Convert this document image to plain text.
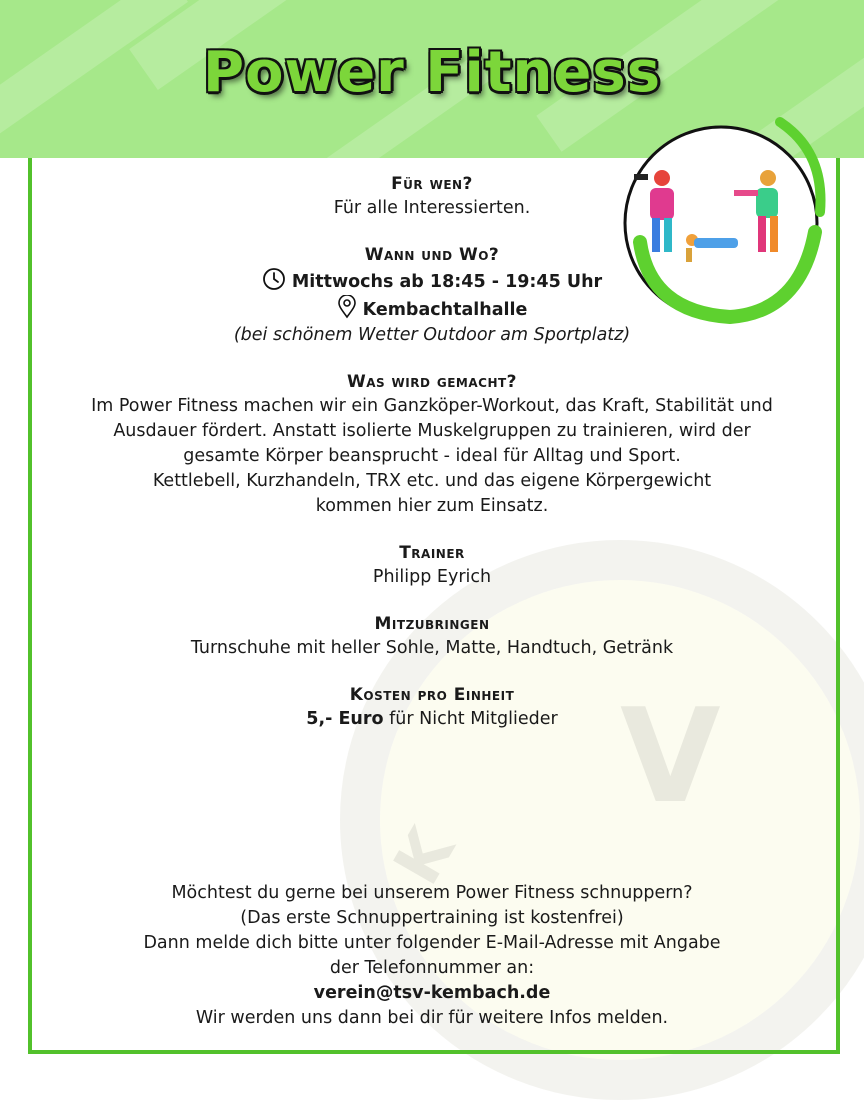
K
V
Power Fitness

Für wen?

Für alle Interessierten.

Wann und Wo?

Mittwochs ab 18:45 - 19:45 Uhr

Kembachtalhalle

(bei schönem Wetter Outdoor am Sportplatz)

Was wird gemacht?

Im Power Fitness machen wir ein Ganzköper-Workout, das Kraft, Stabilität und

Ausdauer fördert. Anstatt isolierte Muskelgruppen zu trainieren, wird der

gesamte Körper beansprucht - ideal für Alltag und Sport.

Kettlebell, Kurzhandeln, TRX etc. und das eigene Körpergewicht

kommen hier zum Einsatz.

Trainer

Philipp Eyrich

Mitzubringen

Turnschuhe mit heller Sohle, Matte, Handtuch, Getränk

Kosten pro Einheit

5,- Euro für Nicht Mitglieder

Möchtest du gerne bei unserem Power Fitness schnuppern?

(Das erste Schnuppertraining ist kostenfrei)

Dann melde dich bitte unter folgender E-Mail-Adresse mit Angabe

der Telefonnummer an:

verein@tsv-kembach.de

Wir werden uns dann bei dir für weitere Infos melden.
